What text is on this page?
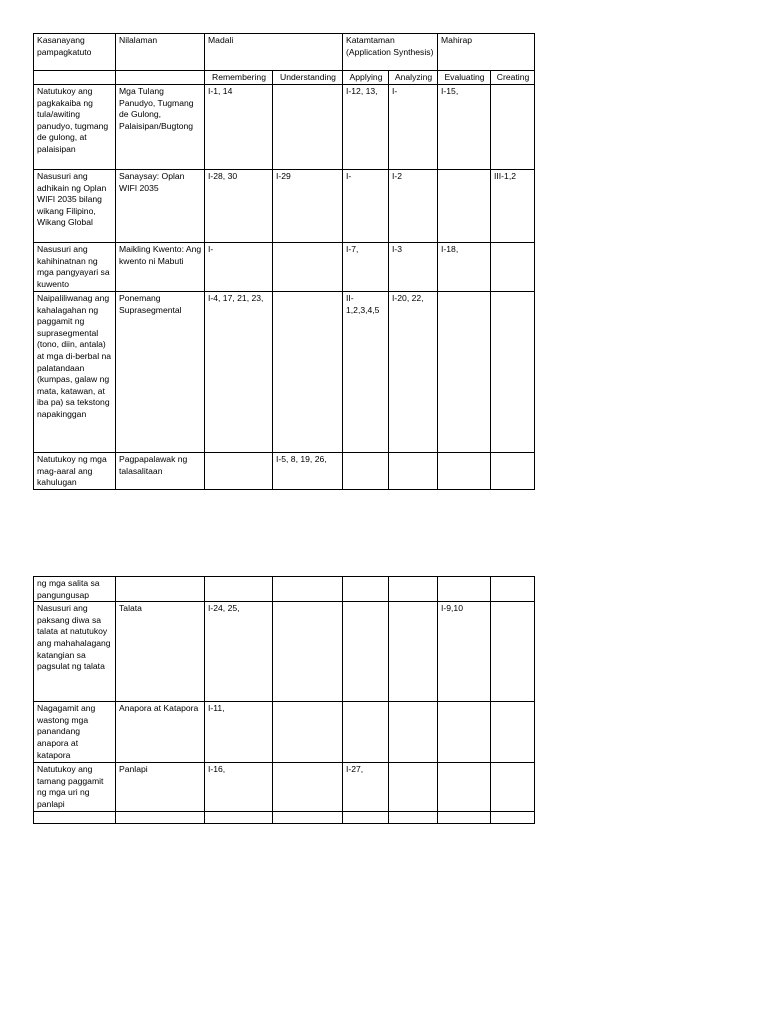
Kasanayang pampagkatuto	Nilalaman	Madali		Katamtaman (Application Synthesis)		Mahirap	
		Remembering	Understanding	Applying	Analyzing	Evaluating	Creating
Natutukoy ang pagkakaiba ng tula/awiting panudyo, tugmang de gulong, at palaisipan	Mga Tulang Panudyo, Tugmang de Gulong, Palaisipan/Bugtong	I-1, 14		I-12, 13,	I-	I-15,	
Nasusuri ang adhikain ng Oplan WIFI 2035 bilang wikang Filipino, Wikang Global	Sanaysay: Oplan WIFI 2035	I-28, 30	I-29	I-	I-2		III-1,2
Nasusuri ang kahihinatnan ng mga pangyayari sa kuwento	Maikling Kwento: Ang kwento ni Mabuti	I-		I-7,	I-3	I-18,	
Naipaliliwanag ang kahalagahan ng paggamit ng suprasegmental (tono, diin, antala) at mga di-berbal na palatandaan (kumpas, galaw ng mata, katawan, at iba pa) sa tekstong napakinggan	Ponemang Suprasegmental	I-4, 17, 21, 23,		II-1,2,3,4,5	I-20, 22,		
Natutukoy ng mga mag-aaral ang kahulugan	Pagpapalawak ng talasalitaan		I-5, 8, 19, 26,				
ng mga salita sa pangungusap							
Nasusuri ang paksang diwa sa talata at natutukoy ang mahahalagang katangian sa pagsulat ng talata	Talata	I-24, 25,				I-9,10	
Nagagamit ang wastong mga panandang anapora at katapora	Anapora at Katapora	I-11,					
Natutukoy ang tamang paggamit ng mga uri ng panlapi	Panlapi	I-16,		I-27,			
